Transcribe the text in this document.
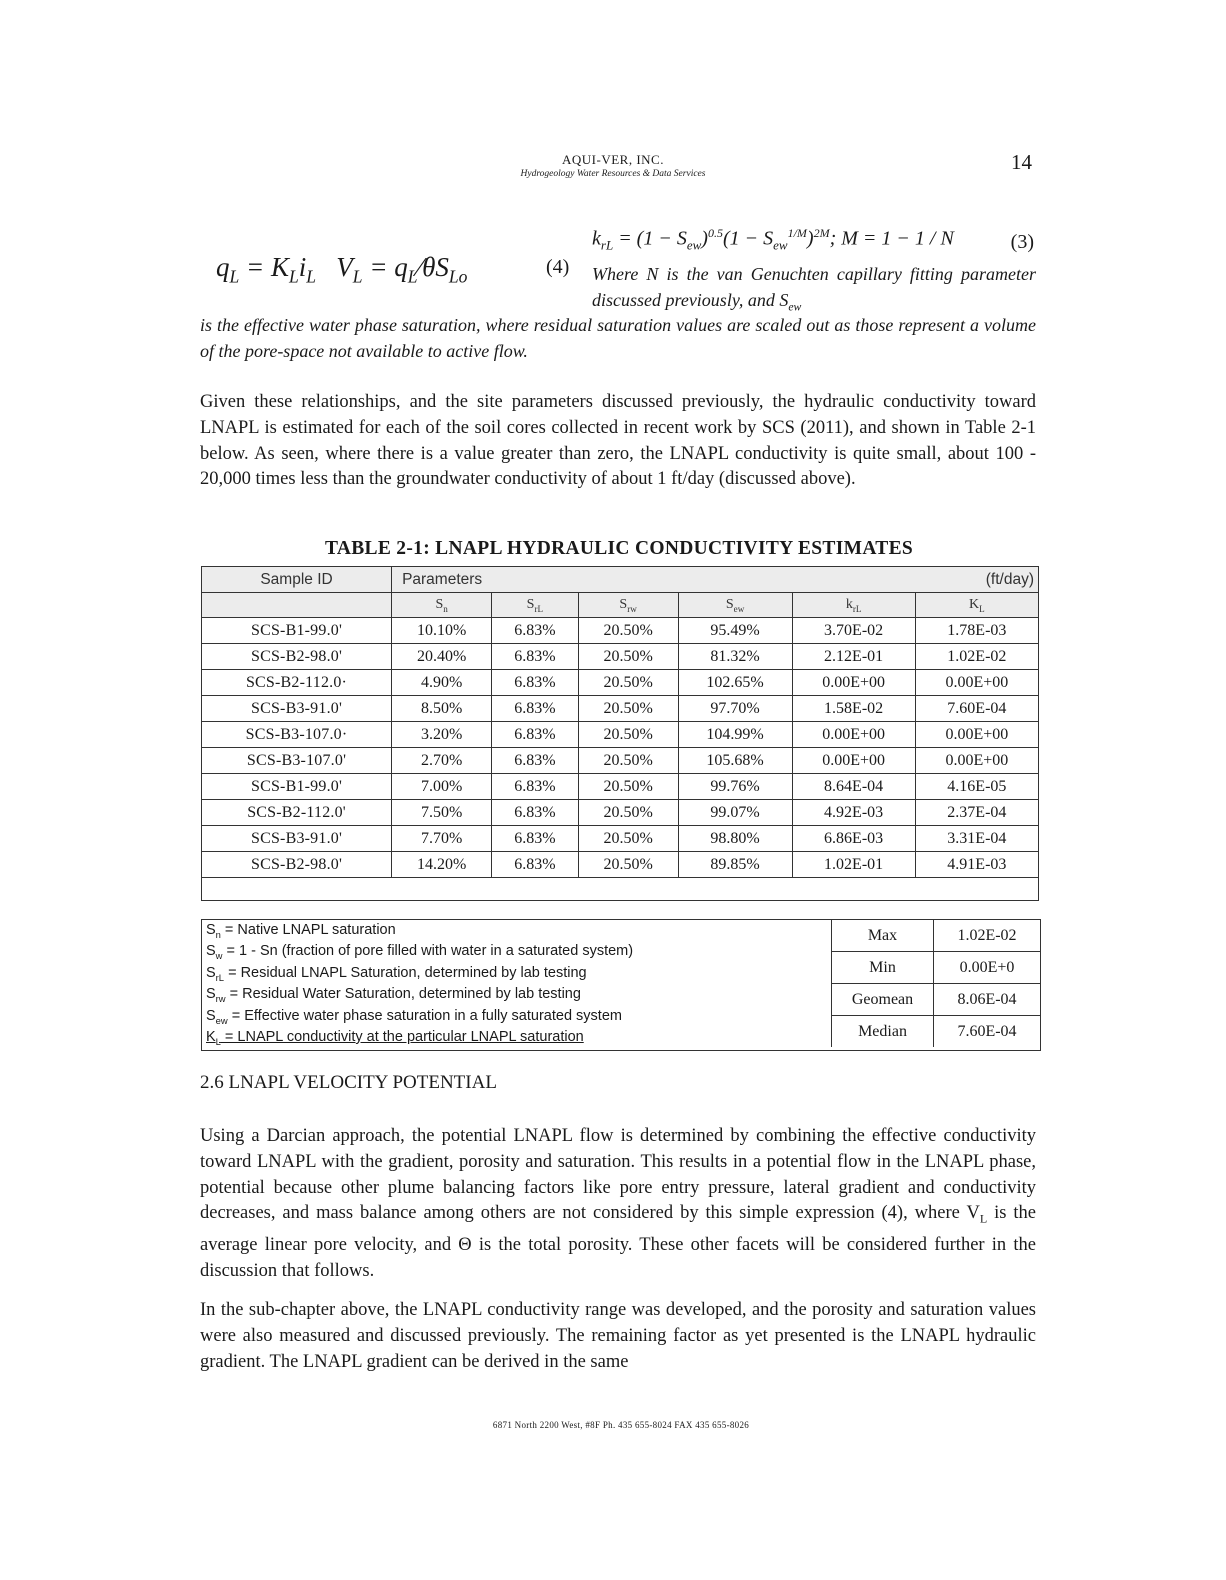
AQUI-VER, INC.
Hydrogeology Water Resources & Data Services	14
$q_L = K_Li_L$   $V_L$ = $q_L⁄\theta S_{Lo}$	(4)
$k_{rL} = (1 - S_{ew})^{0.5}(1 - S_{ew}^{1/M})^{2M}$; M = 1 − 1 / N	(3)
Where N is the van Genuchten capillary fitting parameter discussed previously, and $S_{ew}$
is the effective water phase saturation, where residual saturation values are scaled out as those represent a volume of the pore-space not available to active flow.
Given these relationships, and the site parameters discussed previously, the hydraulic conductivity toward LNAPL is estimated for each of the soil cores collected in recent work by SCS (2011), and shown in Table 2-1 below. As seen, where there is a value greater than zero, the LNAPL conductivity is quite small, about 100 - 20,000 times less than the groundwater conductivity of about 1 ft/day (discussed above).
TABLE 2-1: LNAPL HYDRAULIC CONDUCTIVITY ESTIMATES
Sample ID	Parameters					(ft/day)
	$S_n$	$S_{rL}$	$S_{rw}$	$S_{ew}$	$k_{rL}$	$K_L$
SCS-B1-99.0'	10.10%	6.83%	20.50%	95.49%	3.70E-02	1.78E-03
SCS-B2-98.0'	20.40%	6.83%	20.50%	81.32%	2.12E-01	1.02E-02
SCS-B2-112.0·	4.90%	6.83%	20.50%	102.65%	0.00E+00	0.00E+00
SCS-B3-91.0'	8.50%	6.83%	20.50%	97.70%	1.58E-02	7.60E-04
SCS-B3-107.0·	3.20%	6.83%	20.50%	104.99%	0.00E+00	0.00E+00
SCS-B3-107.0'	2.70%	6.83%	20.50%	105.68%	0.00E+00	0.00E+00
SCS-B1-99.0'	7.00%	6.83%	20.50%	99.76%	8.64E-04	4.16E-05
SCS-B2-112.0'	7.50%	6.83%	20.50%	99.07%	4.92E-03	2.37E-04
SCS-B3-91.0'	7.70%	6.83%	20.50%	98.80%	6.86E-03	3.31E-04
SCS-B2-98.0'	14.20%	6.83%	20.50%	89.85%	1.02E-01	4.91E-03

$S_n$ = Native LNAPL saturation
$S_w = 1 - Sn$ (fraction of pore filled with water in a saturated system)
$S_{rL}$ = Residual LNAPL Saturation, determined by lab testing
$S_{rw}$ = Residual Water Saturation, determined by lab testing
$S_{ew}$ = Effective water phase saturation in a fully saturated system
$K_L$ = LNAPL conductivity at the particular LNAPL saturation
Max	1.02E-02
Min	0.00E+0
Geomean	8.06E-04
Median	7.60E-04
2.6 LNAPL VELOCITY POTENTIAL
Using a Darcian approach, the potential LNAPL flow is determined by combining the effective conductivity toward LNAPL with the gradient, porosity and saturation. This results in a potential flow in the LNAPL phase, potential because other plume balancing factors like pore entry pressure, lateral gradient and conductivity decreases, and mass balance among others are not considered by this simple expression (4), where $V_L$ is the average linear pore velocity, and Θ is the total porosity. These other facets will be considered further in the discussion that follows.
In the sub-chapter above, the LNAPL conductivity range was developed, and the porosity and saturation values were also measured and discussed previously. The remaining factor as yet presented is the LNAPL hydraulic gradient. The LNAPL gradient can be derived in the same
6871 North 2200 West, #8F Ph. 435 655-8024 FAX 435 655-8026
